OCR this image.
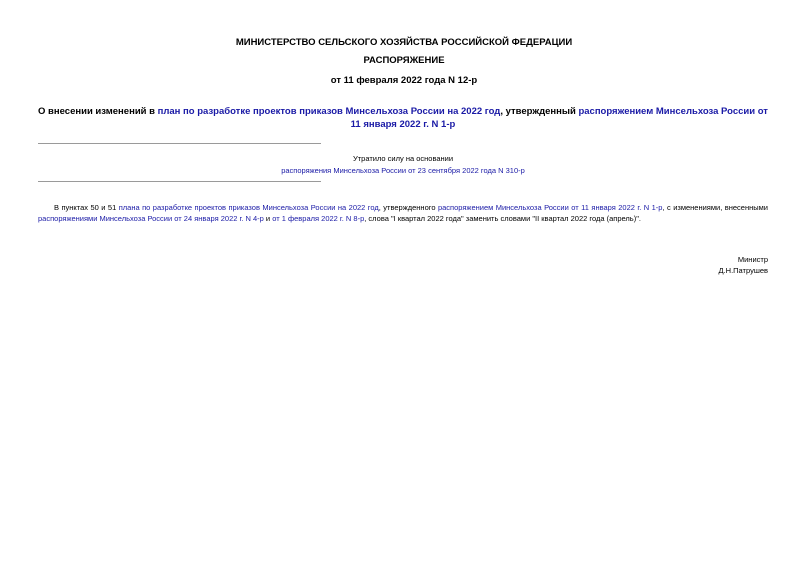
МИНИСТЕРСТВО СЕЛЬСКОГО ХОЗЯЙСТВА РОССИЙСКОЙ ФЕДЕРАЦИИ
РАСПОРЯЖЕНИЕ
от 11 февраля 2022 года N 12-р
О внесении изменений в план по разработке проектов приказов Минсельхоза России на 2022 год, утвержденный распоряжением Минсельхоза России от 11 января 2022 г. N 1-р
Утратило силу на основании
распоряжения Минсельхоза России от 23 сентября 2022 года N 310-р
В пунктах 50 и 51 плана по разработке проектов приказов Минсельхоза России на 2022 год, утвержденного распоряжением Минсельхоза России от 11 января 2022 г. N 1-р, с изменениями, внесенными распоряжениями Минсельхоза России от 24 января 2022 г. N 4-р и от 1 февраля 2022 г. N 8-р, слова "I квартал 2022 года" заменить словами "II квартал 2022 года (апрель)".
Министр
Д.Н.Патрушев
